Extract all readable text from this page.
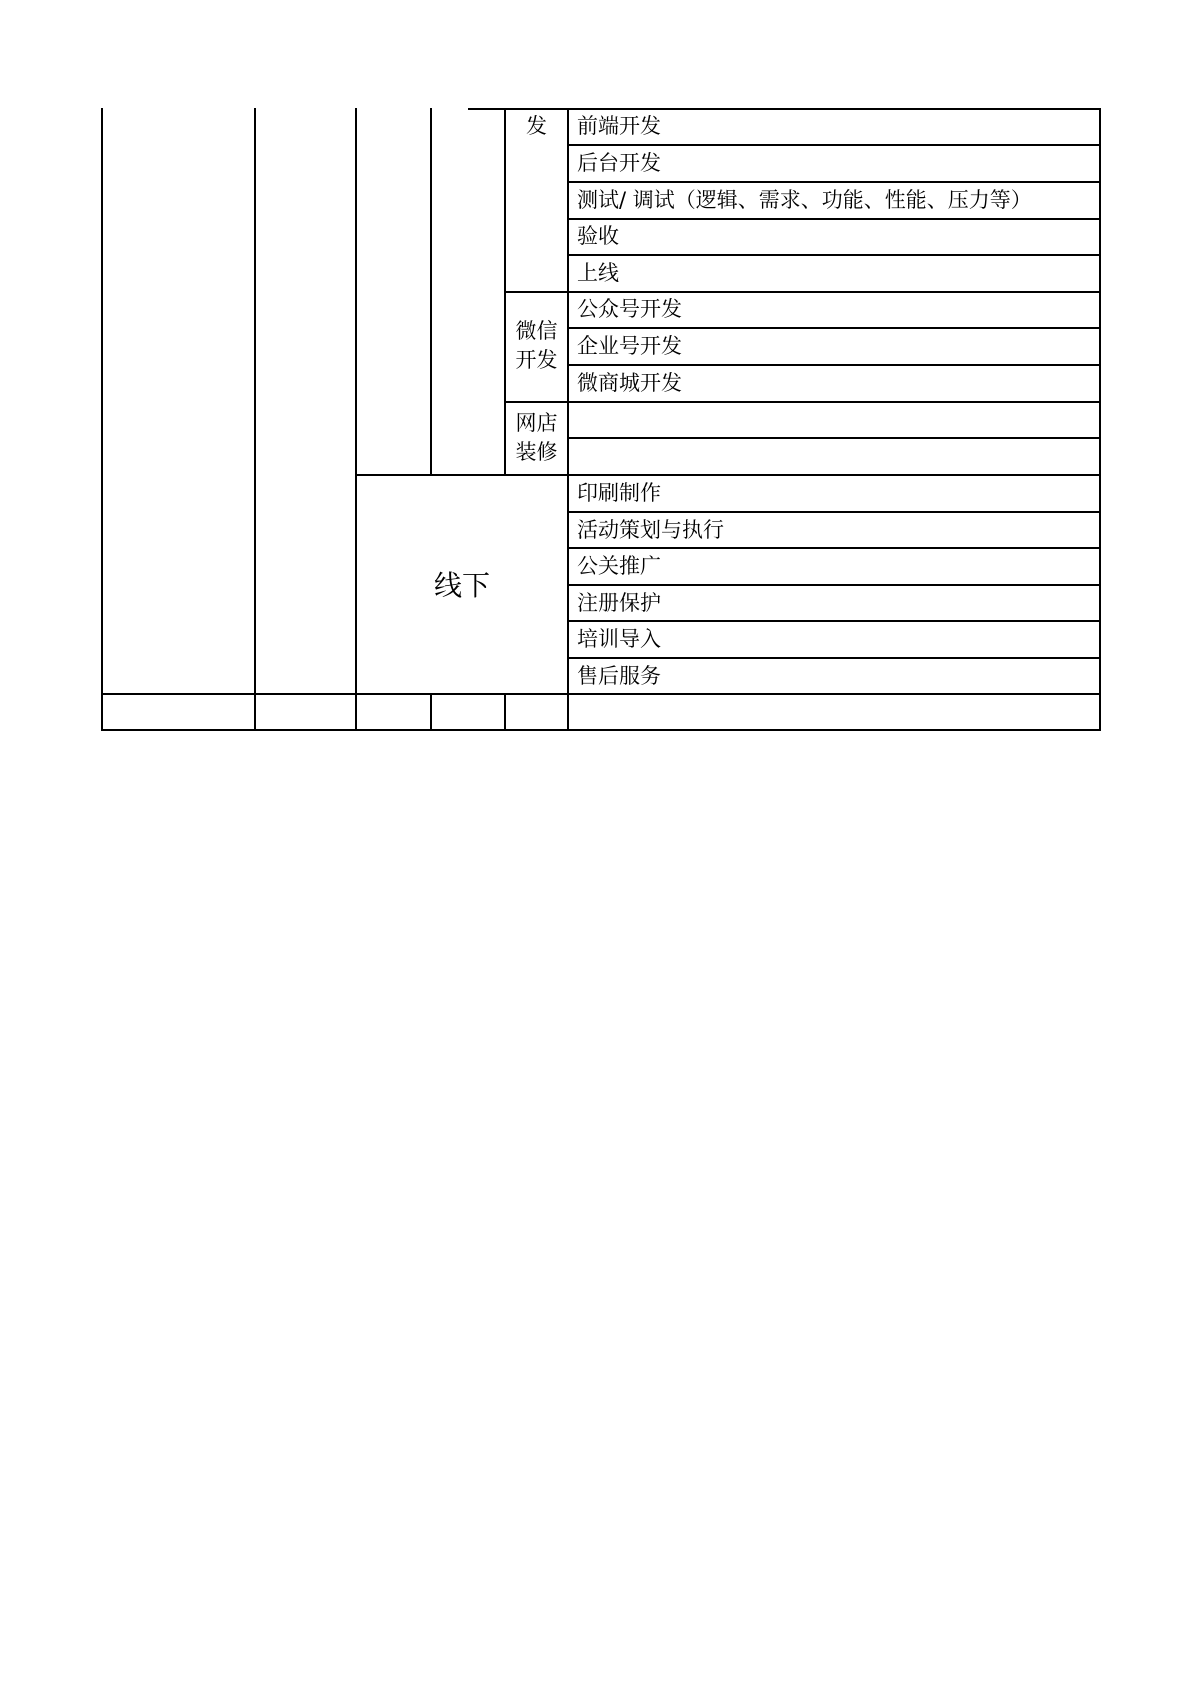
发	前端开发
后台开发
测试/ 调试（逻辑、需求、功能、性能、压力等）
验收
上线
微信
开发
公众号开发
企业号开发
微商城开发
网店
装修
线下
印刷制作
活动策划与执行
公关推广
注册保护
培训导入
售后服务
